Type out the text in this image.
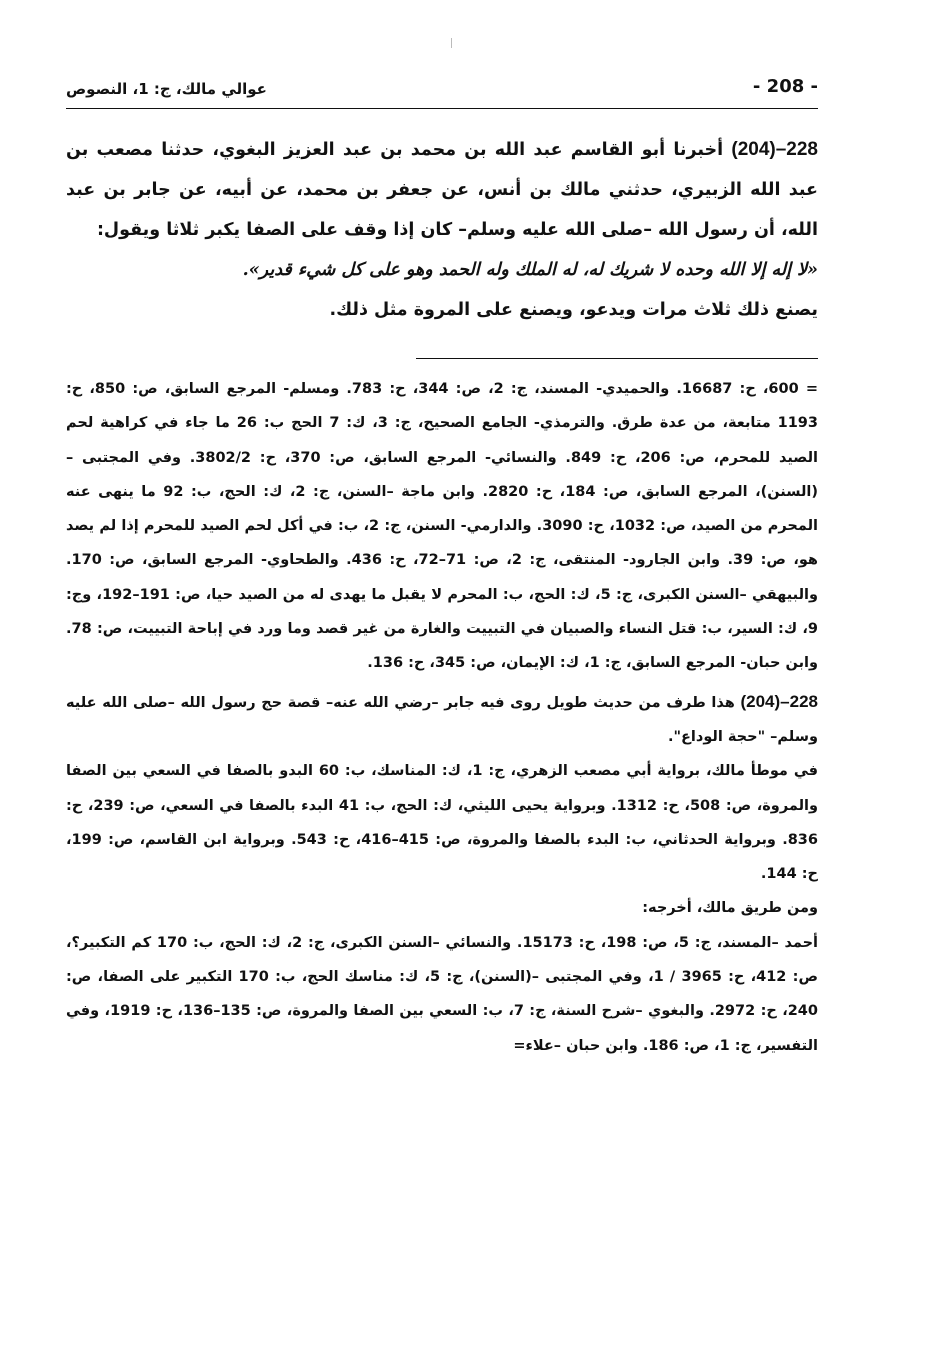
- 208 -
عوالي مالك، ج: 1، النصوص

228–(204) أخبرنا أبو القاسم عبد الله بن محمد بن عبد العزيز البغوي، حدثنا مصعب بن عبد الله الزبيري، حدثني مالك بن أنس، عن جعفر بن محمد، عن أبيه، عن جابر بن عبد الله، أن رسول الله –صلى الله عليه وسلم– كان إذا وقف على الصفا يكبر ثلاثا ويقول:

«لا إله إلا الله وحده لا شريك له، له الملك وله الحمد وهو على كل شيء قدير».

يصنع ذلك ثلاث مرات ويدعو، ويصنع على المروة مثل ذلك.

= 600، ح: 16687. والحميدي- المسند، ج: 2، ص: 344، ح: 783. ومسلم- المرجع السابق، ص: 850، ح: 1193 متابعة، من عدة طرق. والترمذي- الجامع الصحيح، ج: 3، ك: 7 الحج ب: 26 ما جاء في كراهية لحم الصيد للمحرم، ص: 206، ح: 849. والنسائي- المرجع السابق، ص: 370، ح: 3802/2. وفي المجتبى –(السنن)، المرجع السابق، ص: 184، ح: 2820. وابن ماجة –السنن، ج: 2، ك: الحج، ب: 92 ما ينهى عنه المحرم من الصيد، ص: 1032، ح: 3090. والدارمي- السنن، ج: 2، ب: في أكل لحم الصيد للمحرم إذا لم يصد هو، ص: 39. وابن الجارود- المنتقى، ج: 2، ص: 71–72، ح: 436. والطحاوي- المرجع السابق، ص: 170. والبيهقي –السنن الكبرى، ج: 5، ك: الحج، ب: المحرم لا يقبل ما يهدى له من الصيد حيا، ص: 191–192، وج: 9، ك: السير، ب: قتل النساء والصبيان في التبييت والغارة من غير قصد وما ورد في إباحة التبييت، ص: 78. وابن حبان- المرجع السابق، ج: 1، ك: الإيمان، ص: 345، ح: 136.

228–(204) هذا طرف من حديث طويل روى فيه جابر –رضي الله عنه– قصة حج رسول الله –صلى الله عليه وسلم– "حجة الوداع".

في موطأ مالك، برواية أبي مصعب الزهري، ج: 1، ك: المناسك، ب: 60 البدو بالصفا في السعي بين الصفا والمروة، ص: 508، ح: 1312. وبرواية يحيى الليثي، ك: الحج، ب: 41 البدء بالصفا في السعي، ص: 239، ح: 836. وبرواية الحدثاني، ب: البدء بالصفا والمروة، ص: 415–416، ح: 543. وبرواية ابن القاسم، ص: 199، ح: 144.

ومن طريق مالك، أخرجه:

أحمد –المسند، ج: 5، ص: 198، ح: 15173. والنسائي –السنن الكبرى، ج: 2، ك: الحج، ب: 170 كم التكبير؟، ص: 412، ح: 3965 / 1، وفي المجتبى –(السنن)، ج: 5، ك: مناسك الحج، ب: 170 التكبير على الصفا، ص: 240، ح: 2972. والبغوي –شرح السنة، ج: 7، ب: السعي بين الصفا والمروة، ص: 135–136، ح: 1919، وفي التفسير، ج: 1، ص: 186. وابن حبان –علاء=
